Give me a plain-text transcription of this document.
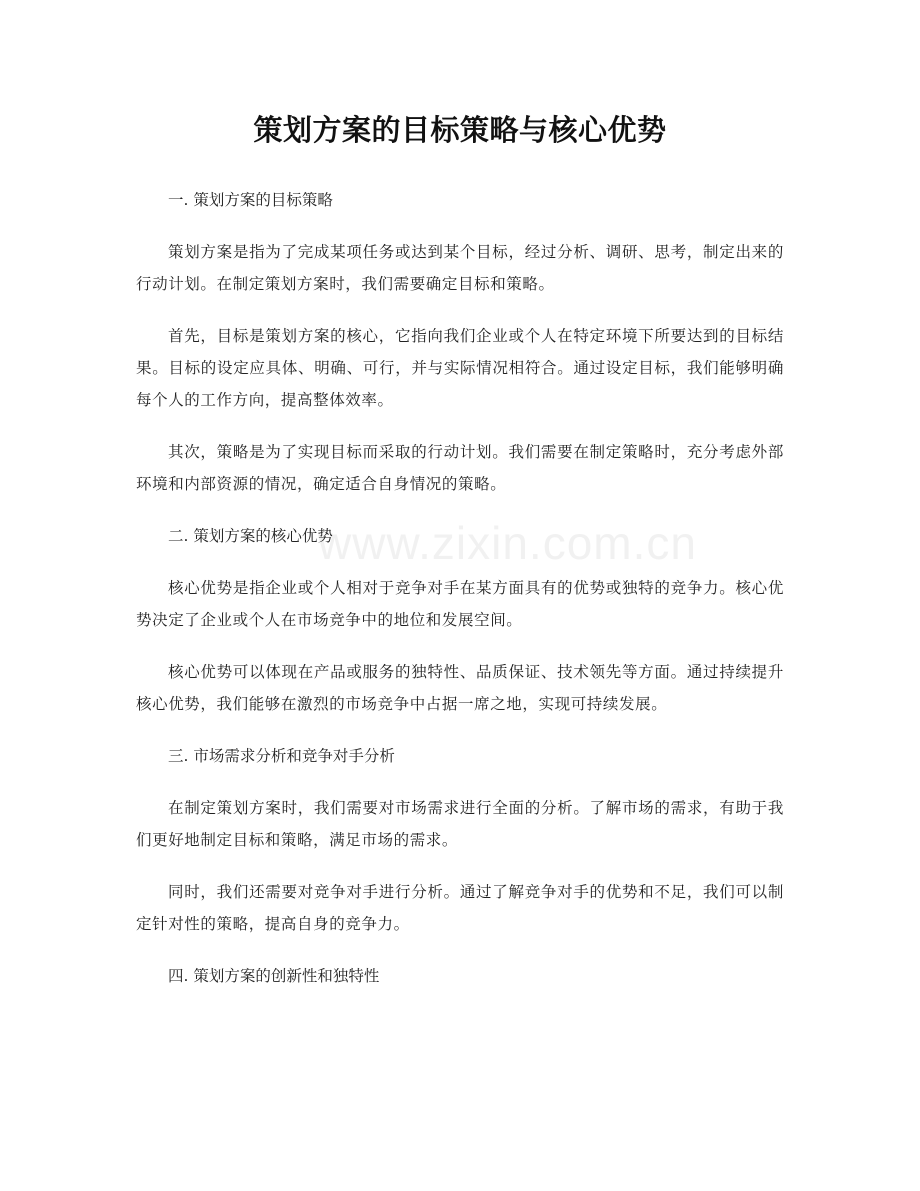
策划方案的目标策略与核心优势
www.zixin.com.cn
一. 策划方案的目标策略

策划方案是指为了完成某项任务或达到某个目标，经过分析、调研、思考，制定出来的行动计划。在制定策划方案时，我们需要确定目标和策略。

首先，目标是策划方案的核心，它指向我们企业或个人在特定环境下所要达到的目标结果。目标的设定应具体、明确、可行，并与实际情况相符合。通过设定目标，我们能够明确每个人的工作方向，提高整体效率。

其次，策略是为了实现目标而采取的行动计划。我们需要在制定策略时，充分考虑外部环境和内部资源的情况，确定适合自身情况的策略。

二. 策划方案的核心优势

核心优势是指企业或个人相对于竞争对手在某方面具有的优势或独特的竞争力。核心优势决定了企业或个人在市场竞争中的地位和发展空间。

核心优势可以体现在产品或服务的独特性、品质保证、技术领先等方面。通过持续提升核心优势，我们能够在激烈的市场竞争中占据一席之地，实现可持续发展。

三. 市场需求分析和竞争对手分析

在制定策划方案时，我们需要对市场需求进行全面的分析。了解市场的需求，有助于我们更好地制定目标和策略，满足市场的需求。

同时，我们还需要对竞争对手进行分析。通过了解竞争对手的优势和不足，我们可以制定针对性的策略，提高自身的竞争力。

四. 策划方案的创新性和独特性
